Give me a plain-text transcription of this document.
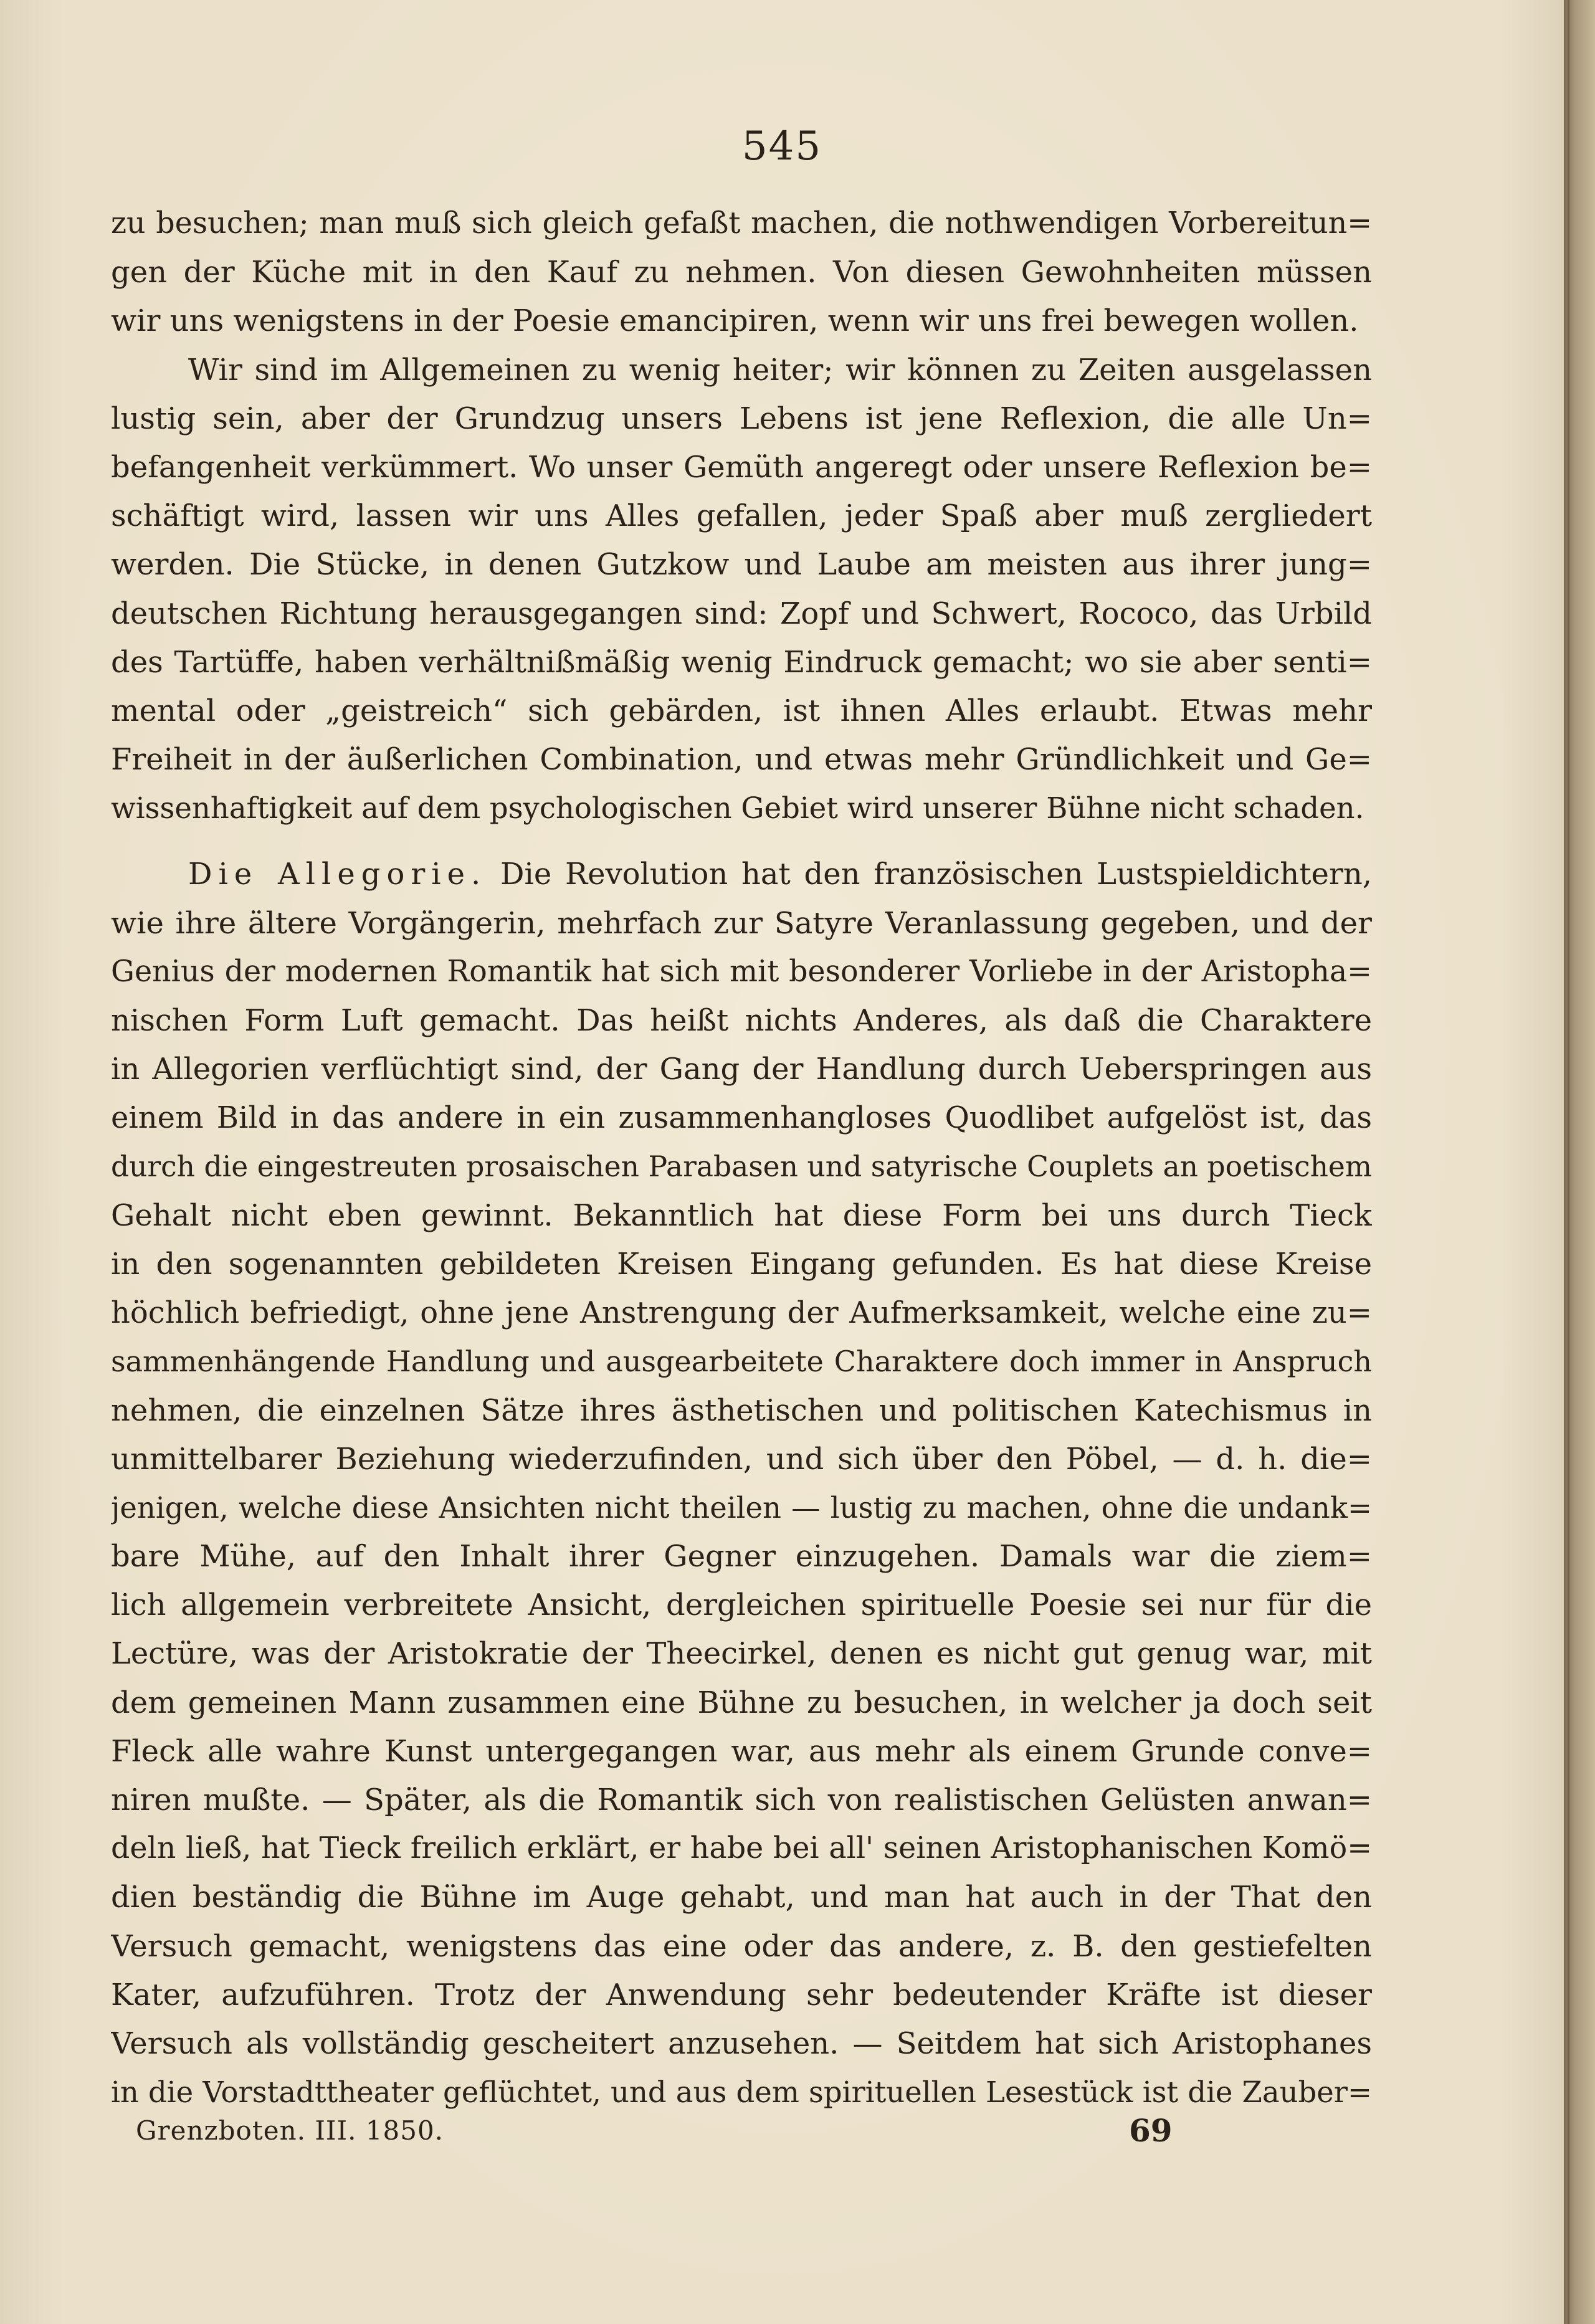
545
zu besuchen; man muß sich gleich gefaßt machen, die nothwendigen Vorbereitun=
gen der Küche mit in den Kauf zu nehmen. Von diesen Gewohnheiten müssen
wir uns wenigstens in der Poesie emancipiren, wenn wir uns frei bewegen wollen.
Wir sind im Allgemeinen zu wenig heiter; wir können zu Zeiten ausgelassen
lustig sein, aber der Grundzug unsers Lebens ist jene Reflexion, die alle Un=
befangenheit verkümmert. Wo unser Gemüth angeregt oder unsere Reflexion be=
schäftigt wird, lassen wir uns Alles gefallen, jeder Spaß aber muß zergliedert
werden. Die Stücke, in denen Gutzkow und Laube am meisten aus ihrer jung=
deutschen Richtung herausgegangen sind: Zopf und Schwert, Rococo, das Urbild
des Tartüffe, haben verhältnißmäßig wenig Eindruck gemacht; wo sie aber senti=
mental oder „geistreich“ sich gebärden, ist ihnen Alles erlaubt. Etwas mehr
Freiheit in der äußerlichen Combination, und etwas mehr Gründlichkeit und Ge=
wissenhaftigkeit auf dem psychologischen Gebiet wird unserer Bühne nicht schaden.
Die Allegorie. Die Revolution hat den französischen Lustspieldichtern,
wie ihre ältere Vorgängerin, mehrfach zur Satyre Veranlassung gegeben, und der
Genius der modernen Romantik hat sich mit besonderer Vorliebe in der Aristopha=
nischen Form Luft gemacht. Das heißt nichts Anderes, als daß die Charaktere
in Allegorien verflüchtigt sind, der Gang der Handlung durch Ueberspringen aus
einem Bild in das andere in ein zusammenhangloses Quodlibet aufgelöst ist, das
durch die eingestreuten prosaischen Parabasen und satyrische Couplets an poetischem
Gehalt nicht eben gewinnt. Bekanntlich hat diese Form bei uns durch Tieck
in den sogenannten gebildeten Kreisen Eingang gefunden. Es hat diese Kreise
höchlich befriedigt, ohne jene Anstrengung der Aufmerksamkeit, welche eine zu=
sammenhängende Handlung und ausgearbeitete Charaktere doch immer in Anspruch
nehmen, die einzelnen Sätze ihres ästhetischen und politischen Katechismus in
unmittelbarer Beziehung wiederzufinden, und sich über den Pöbel, — d. h. die=
jenigen, welche diese Ansichten nicht theilen — lustig zu machen, ohne die undank=
bare Mühe, auf den Inhalt ihrer Gegner einzugehen. Damals war die ziem=
lich allgemein verbreitete Ansicht, dergleichen spirituelle Poesie sei nur für die
Lectüre, was der Aristokratie der Theecirkel, denen es nicht gut genug war, mit
dem gemeinen Mann zusammen eine Bühne zu besuchen, in welcher ja doch seit
Fleck alle wahre Kunst untergegangen war, aus mehr als einem Grunde conve=
niren mußte. — Später, als die Romantik sich von realistischen Gelüsten anwan=
deln ließ, hat Tieck freilich erklärt, er habe bei all' seinen Aristophanischen Komö=
dien beständig die Bühne im Auge gehabt, und man hat auch in der That den
Versuch gemacht, wenigstens das eine oder das andere, z. B. den gestiefelten
Kater, aufzuführen. Trotz der Anwendung sehr bedeutender Kräfte ist dieser
Versuch als vollständig gescheitert anzusehen. — Seitdem hat sich Aristophanes
in die Vorstadttheater geflüchtet, und aus dem spirituellen Lesestück ist die Zauber=
Grenzboten. III. 1850.	69
